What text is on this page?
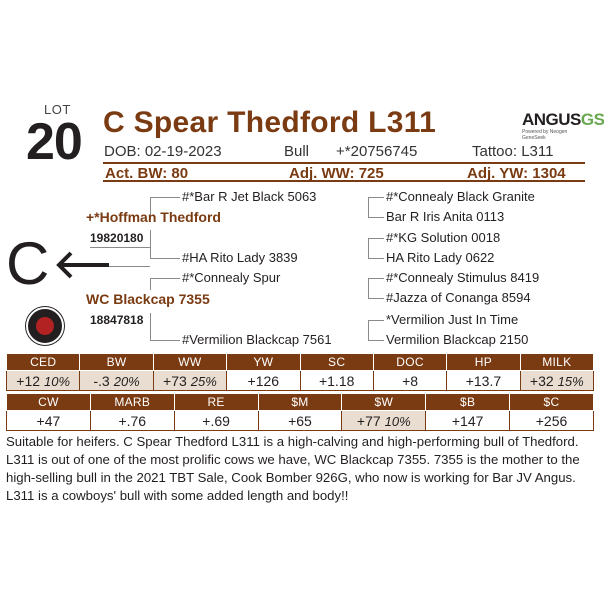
LOT
20 C Spear Thedford L311	ANGUSGS
Powered by Neogen GeneSeek
DOB: 02-19-2023	Bull +*20756745	Tattoo: L311
Act. BW: 80	Adj. WW: 725	Adj. YW: 1304
#*Bar R Jet Black 5063
+*Hoffman Thedford
19820180
#HA Rito Lady 3839
#*Connealy Spur
WC Blackcap 7355
18847818
#Vermilion Blackcap 7561
#*Connealy Black Granite
Bar R Iris Anita 0113
#*KG Solution 0018
HA Rito Lady 0622
#*Connealy Stimulus 8419
#Jazza of Conanga 8594
*Vermilion Just In Time
Vermilion Blackcap 2150
C
CED	BW	WW	YW	SC	DOC	HP	MILK
+12 10%	-.3 20%	+73 25%	+126	+1.18	+8	+13.7	+32 15%
CW	MARB	RE	$M	$W	$B	$C
+47	+.76	+.69	+65	+77 10%	+147	+256
Suitable for heifers. C Spear Thedford L311 is a high-calving and high-performing bull of Thedford. L311 is out of one of the most prolific cows we have, WC Blackcap 7355. 7355 is the mother to the high-selling bull in the 2021 TBT Sale, Cook Bomber 926G, who now is working for Bar JV Angus. L311 is a cowboys' bull with some added length and body!!
